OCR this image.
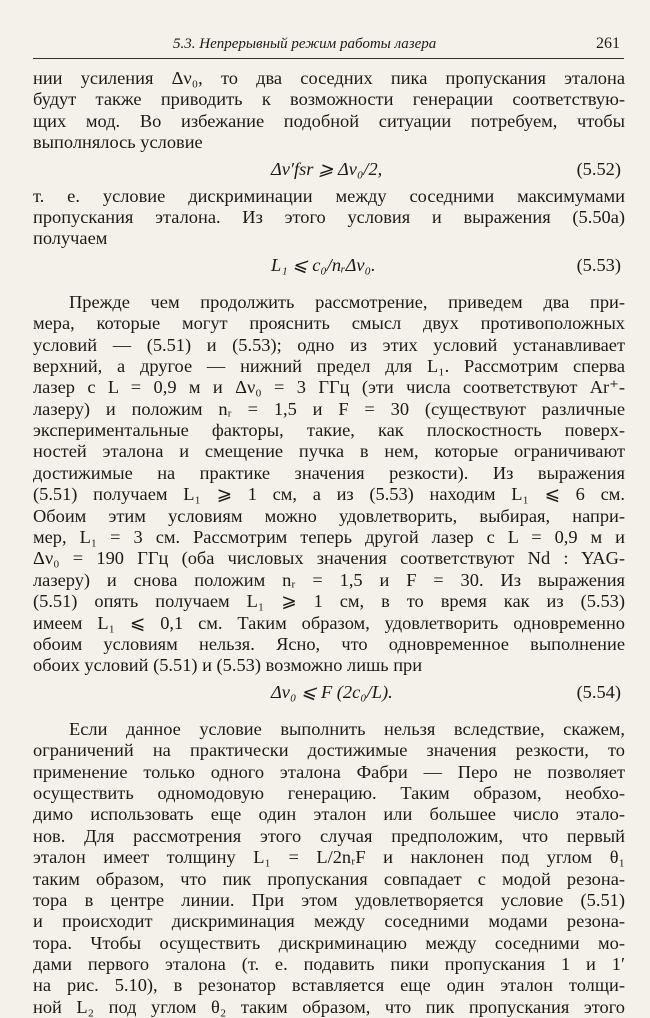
5.3. Непрерывный режим работы лазера	261
нии усиления Δν₀, то два соседних пика пропускания эталона
будут также приводить к возможности генерации соответствую-
щих мод. Во избежание подобной ситуации потребуем, чтобы
выполнялось условие
Δν′fsr ⩾ Δν₀/2,	(5.52)
т. е. условие дискриминации между соседними максимумами
пропускания эталона. Из этого условия и выражения (5.50а)
получаем
L₁ ⩽ c₀/nᵣΔν₀.	(5.53)
Прежде чем продолжить рассмотрение, приведем два при-
мера, которые могут прояснить смысл двух противоположных
условий — (5.51) и (5.53); одно из этих условий устанавливает
верхний, а другое — нижний предел для L₁. Рассмотрим сперва
лазер с L = 0,9 м и Δν₀ = 3 ГГц (эти числа соответствуют Ar⁺-
лазеру) и положим nᵣ = 1,5 и F = 30 (существуют различные
экспериментальные факторы, такие, как плоскостность поверх-
ностей эталона и смещение пучка в нем, которые ограничивают
достижимые на практике значения резкости). Из выражения
(5.51) получаем L₁ ⩾ 1 см, а из (5.53) находим L₁ ⩽ 6 см.
Обоим этим условиям можно удовлетворить, выбирая, напри-
мер, L₁ = 3 см. Рассмотрим теперь другой лазер с L = 0,9 м и
Δν₀ = 190 ГГц (оба числовых значения соответствуют Nd : YAG-
лазеру) и снова положим nᵣ = 1,5 и F = 30. Из выражения
(5.51) опять получаем L₁ ⩾ 1 см, в то время как из (5.53)
имеем L₁ ⩽ 0,1 см. Таким образом, удовлетворить одновременно
обоим условиям нельзя. Ясно, что одновременное выполнение
обоих условий (5.51) и (5.53) возможно лишь при
Δν₀ ⩽ F (2c₀/L).	(5.54)
Если данное условие выполнить нельзя вследствие, скажем,
ограничений на практически достижимые значения резкости, то
применение только одного эталона Фабри — Перо не позволяет
осуществить одномодовую генерацию. Таким образом, необхо-
димо использовать еще один эталон или большее число этало-
нов. Для рассмотрения этого случая предположим, что первый
эталон имеет толщину L₁ = L/2nᵣF и наклонен под углом θ₁
таким образом, что пик пропускания совпадает с модой резона-
тора в центре линии. При этом удовлетворяется условие (5.51)
и происходит дискриминация между соседними модами резона-
тора. Чтобы осуществить дискриминацию между соседними мо-
дами первого эталона (т. е. подавить пики пропускания 1 и 1′
на рис. 5.10), в резонатор вставляется еще один эталон толщи-
ной L₂ под углом θ₂ таким образом, что пик пропускания этого
